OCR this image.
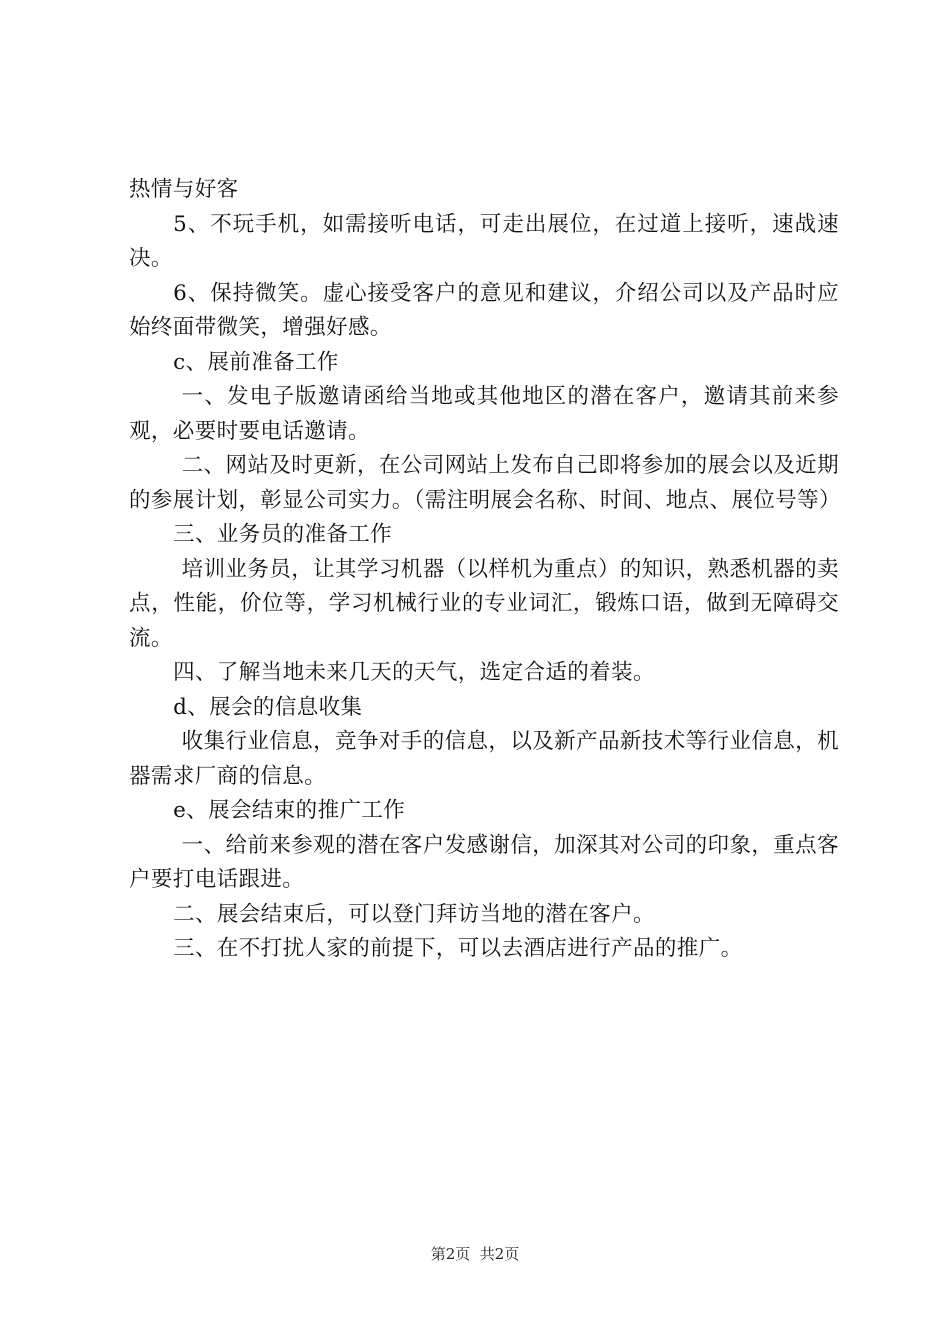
热情与好客

5、不玩手机，如需接听电话，可走出展位，在过道上接听，速战速决。

6、保持微笑。虚心接受客户的意见和建议，介绍公司以及产品时应始终面带微笑，增强好感。

c、展前准备工作

一、发电子版邀请函给当地或其他地区的潜在客户，邀请其前来参观，必要时要电话邀请。

二、网站及时更新，在公司网站上发布自己即将参加的展会以及近期的参展计划，彰显公司实力。（需注明展会名称、时间、地点、展位号等）

三、业务员的准备工作

培训业务员，让其学习机器（以样机为重点）的知识，熟悉机器的卖点，性能，价位等，学习机械行业的专业词汇，锻炼口语，做到无障碍交流。

四、了解当地未来几天的天气，选定合适的着装。

d、展会的信息收集

收集行业信息，竞争对手的信息，以及新产品新技术等行业信息，机器需求厂商的信息。

e、展会结束的推广工作

一、给前来参观的潜在客户发感谢信，加深其对公司的印象，重点客户要打电话跟进。

二、展会结束后，可以登门拜访当地的潜在客户。

三、在不打扰人家的前提下，可以去酒店进行产品的推广。

第2页  共2页
